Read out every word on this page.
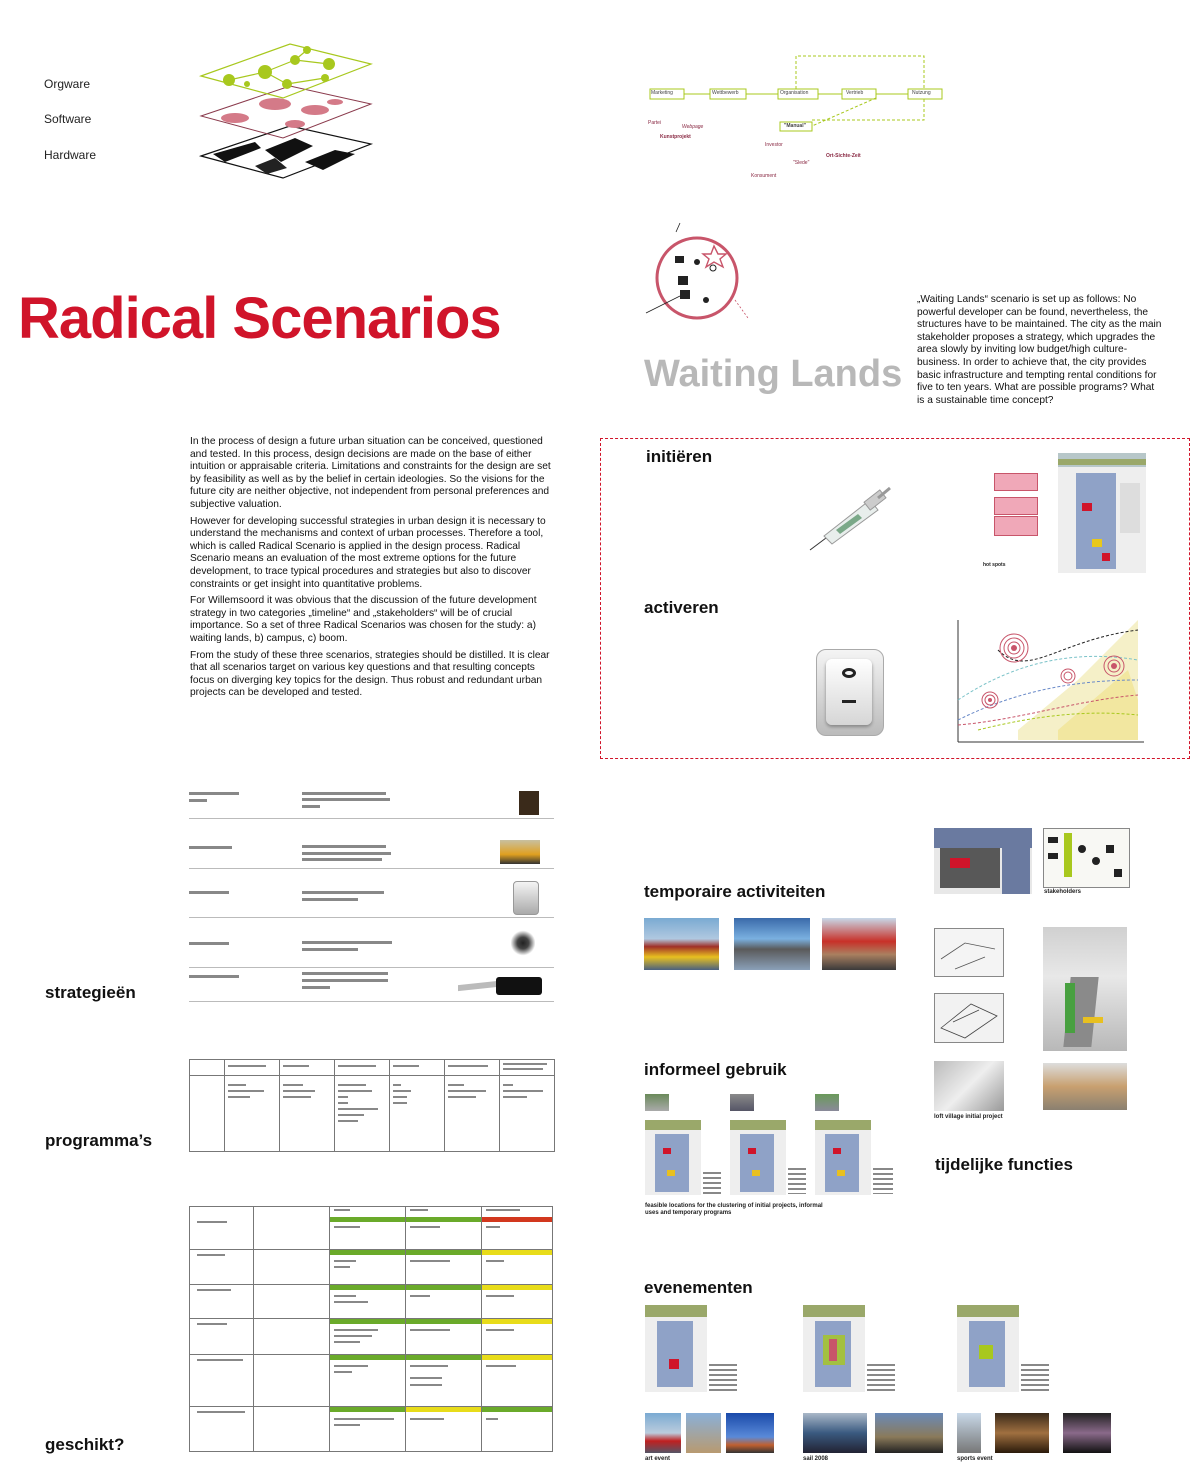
Orgware
Software
Hardware
Marketing	Wettbewerb	Organisation	Vertrieb	Nutzung
"Manual"
Partei
Webpage
Kunstprojekt
Investor
"Slede"
Ort-Sichte-Zeit
Konsument
Radical Scenarios
Waiting Lands
„Waiting Lands“ scenario is set up as follows: No powerful developer can be found, nevertheless, the structures have to be maintained. The city as the main stakeholder proposes a strategy, which upgrades the area slowly by inviting low budget/high culture-business. In order to achieve that, the city provides basic infrastructure and tempting rental conditions for five to ten years. What are possible programs? What is a sustainable time concept?

In the process of design a future urban situation can be conceived, questioned and tested. In this process, design decisions are made on the base of either intuition or appraisable criteria. Limitations and constraints for the design are set by feasibility as well as by the belief in certain ideologies. So the visions for the future city are neither objective, not independent from personal preferences and subjective valuation.

However for developing successful strategies in urban design it is necessary to understand the mechanisms and context of urban processes. Therefore a tool, which is called Radical Scenario is applied in the design process. Radical Scenario means an evaluation of the most extreme options for the future development, to trace typical procedures and strategies but also to discover constraints or get insight into quantitative problems.

For Willemsoord it was obvious that the discussion of the future development strategy in two categories „timeline“ and „stakeholders“ will be of crucial importance. So a set of three Radical Scenarios was chosen for the study: a) waiting lands, b) campus, c) boom.

From the study of these three scenarios, strategies should be distilled. It is clear that all scenarios target on various key questions and that resulting concepts focus on diverging key topics for the design. Thus robust and redundant urban projects can be developed and tested.

initiëren
activeren
hot spots
strategieën
programma’s
geschikt?
temporaire activiteiten	stakeholders
loft village initial project
informeel gebruik
feasible locations for the clustering of initial projects, informal uses and temporary programs
tijdelijke functies
evenementen
art event	sail 2008	sports event
